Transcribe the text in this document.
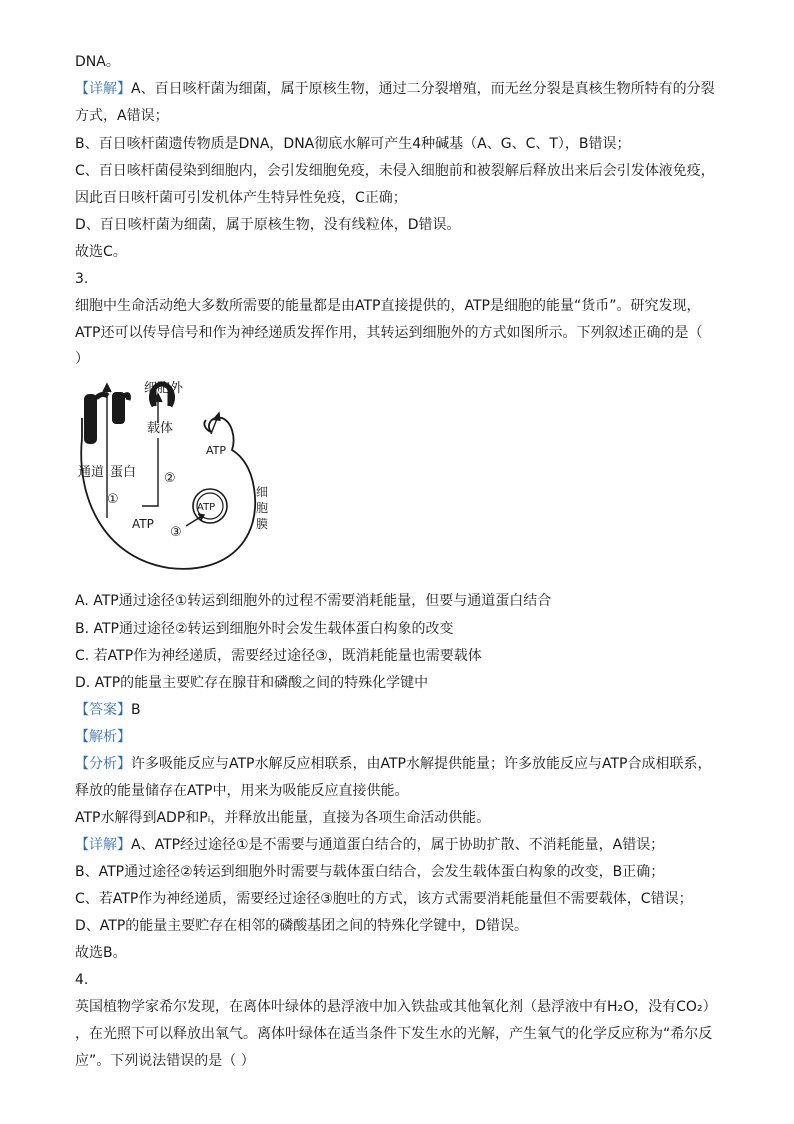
DNA。
【详解】A、百日咳杆菌为细菌，属于原核生物，通过二分裂增殖，而无丝分裂是真核生物所特有的分裂
方式，A错误；
B、百日咳杆菌遗传物质是DNA，DNA彻底水解可产生4种碱基（A、G、C、T），B错误；
C、百日咳杆菌侵染到细胞内，会引发细胞免疫，未侵入细胞前和被裂解后释放出来后会引发体液免疫，
因此百日咳杆菌可引发机体产生特异性免疫，C正确；
D、百日咳杆菌为细菌，属于原核生物，没有线粒体，D错误。
故选C。
3.
细胞中生命活动绝大多数所需要的能量都是由ATP直接提供的，ATP是细胞的能量“货币”。研究发现，
ATP还可以传导信号和作为神经递质发挥作用，其转运到细胞外的方式如图所示。下列叙述正确的是（
）
细胞外
载体
通道 蛋白
①
②
③
ATP
ATP
ATP
细
胞
膜
A. ATP通过途径①转运到细胞外的过程不需要消耗能量，但要与通道蛋白结合
B. ATP通过途径②转运到细胞外时会发生载体蛋白构象的改变
C. 若ATP作为神经递质，需要经过途径③，既消耗能量也需要载体
D. ATP的能量主要贮存在腺苷和磷酸之间的特殊化学键中
【答案】B
【解析】
【分析】许多吸能反应与ATP水解反应相联系，由ATP水解提供能量；许多放能反应与ATP合成相联系，
释放的能量储存在ATP中，用来为吸能反应直接供能。
ATP水解得到ADP和Pᵢ，并释放出能量，直接为各项生命活动供能。
【详解】A、ATP经过途径①是不需要与通道蛋白结合的，属于协助扩散、不消耗能量，A错误；
B、ATP通过途径②转运到细胞外时需要与载体蛋白结合，会发生载体蛋白构象的改变，B正确；
C、若ATP作为神经递质，需要经过途径③胞吐的方式，该方式需要消耗能量但不需要载体，C错误；
D、ATP的能量主要贮存在相邻的磷酸基团之间的特殊化学键中，D错误。
故选B。
4.
英国植物学家希尔发现，在离体叶绿体的悬浮液中加入铁盐或其他氧化剂（悬浮液中有H₂O，没有CO₂）
，在光照下可以释放出氧气。离体叶绿体在适当条件下发生水的光解，产生氧气的化学反应称为“希尔反
应”。下列说法错误的是（ ）
